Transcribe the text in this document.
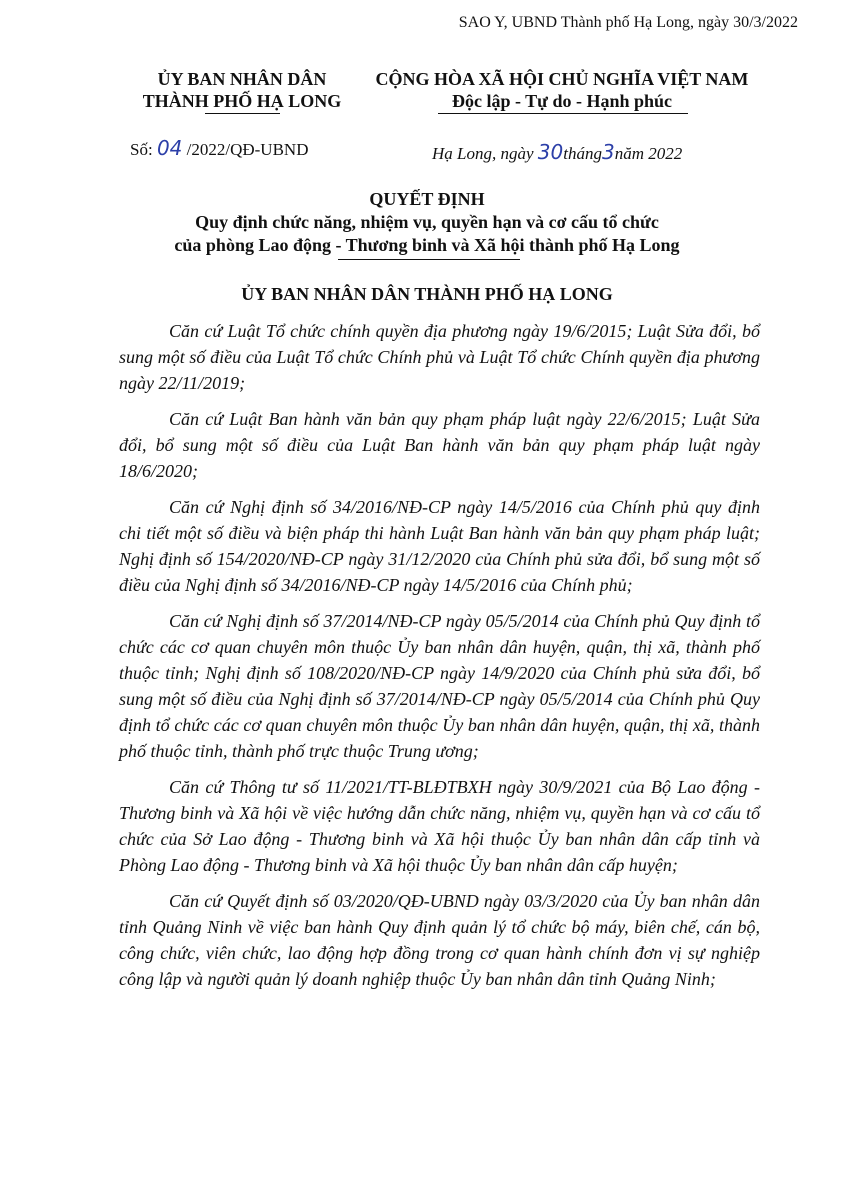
SAO Y, UBND Thành phố Hạ Long, ngày 30/3/2022
ỦY BAN NHÂN DÂN
THÀNH PHỐ HẠ LONG
CỘNG HÒA XÃ HỘI CHỦ NGHĨA VIỆT NAM
Độc lập - Tự do - Hạnh phúc
Số: 04 /2022/QĐ-UBND	Hạ Long, ngày 30tháng3năm 2022
QUYẾT ĐỊNH
Quy định chức năng, nhiệm vụ, quyền hạn và cơ cấu tổ chức
của phòng Lao động - Thương binh và Xã hội thành phố Hạ Long
ỦY BAN NHÂN DÂN THÀNH PHỐ HẠ LONG

Căn cứ Luật Tổ chức chính quyền địa phương ngày 19/6/2015; Luật Sửa đổi, bổ sung một số điều của Luật Tổ chức Chính phủ và Luật Tổ chức Chính quyền địa phương ngày 22/11/2019;

Căn cứ Luật Ban hành văn bản quy phạm pháp luật ngày 22/6/2015; Luật Sửa đổi, bổ sung một số điều của Luật Ban hành văn bản quy phạm pháp luật ngày 18/6/2020;

Căn cứ Nghị định số 34/2016/NĐ-CP ngày 14/5/2016 của Chính phủ quy định chi tiết một số điều và biện pháp thi hành Luật Ban hành văn bản quy phạm pháp luật; Nghị định số 154/2020/NĐ-CP ngày 31/12/2020 của Chính phủ sửa đổi, bổ sung một số điều của Nghị định số 34/2016/NĐ-CP ngày 14/5/2016 của Chính phủ;

Căn cứ Nghị định số 37/2014/NĐ-CP ngày 05/5/2014 của Chính phủ Quy định tổ chức các cơ quan chuyên môn thuộc Ủy ban nhân dân huyện, quận, thị xã, thành phố thuộc tỉnh; Nghị định số 108/2020/NĐ-CP ngày 14/9/2020 của Chính phủ sửa đổi, bổ sung một số điều của Nghị định số 37/2014/NĐ-CP ngày 05/5/2014 của Chính phủ Quy định tổ chức các cơ quan chuyên môn thuộc Ủy ban nhân dân huyện, quận, thị xã, thành phố thuộc tỉnh, thành phố trực thuộc Trung ương;

Căn cứ Thông tư số 11/2021/TT-BLĐTBXH ngày 30/9/2021 của Bộ Lao động - Thương binh và Xã hội về việc hướng dẫn chức năng, nhiệm vụ, quyền hạn và cơ cấu tổ chức của Sở Lao động - Thương binh và Xã hội thuộc Ủy ban nhân dân cấp tỉnh và Phòng Lao động - Thương binh và Xã hội thuộc Ủy ban nhân dân cấp huyện;

Căn cứ Quyết định số 03/2020/QĐ-UBND ngày 03/3/2020 của Ủy ban nhân dân tỉnh Quảng Ninh về việc ban hành Quy định quản lý tổ chức bộ máy, biên chế, cán bộ, công chức, viên chức, lao động hợp đồng trong cơ quan hành chính đơn vị sự nghiệp công lập và người quản lý doanh nghiệp thuộc Ủy ban nhân dân tỉnh Quảng Ninh;
